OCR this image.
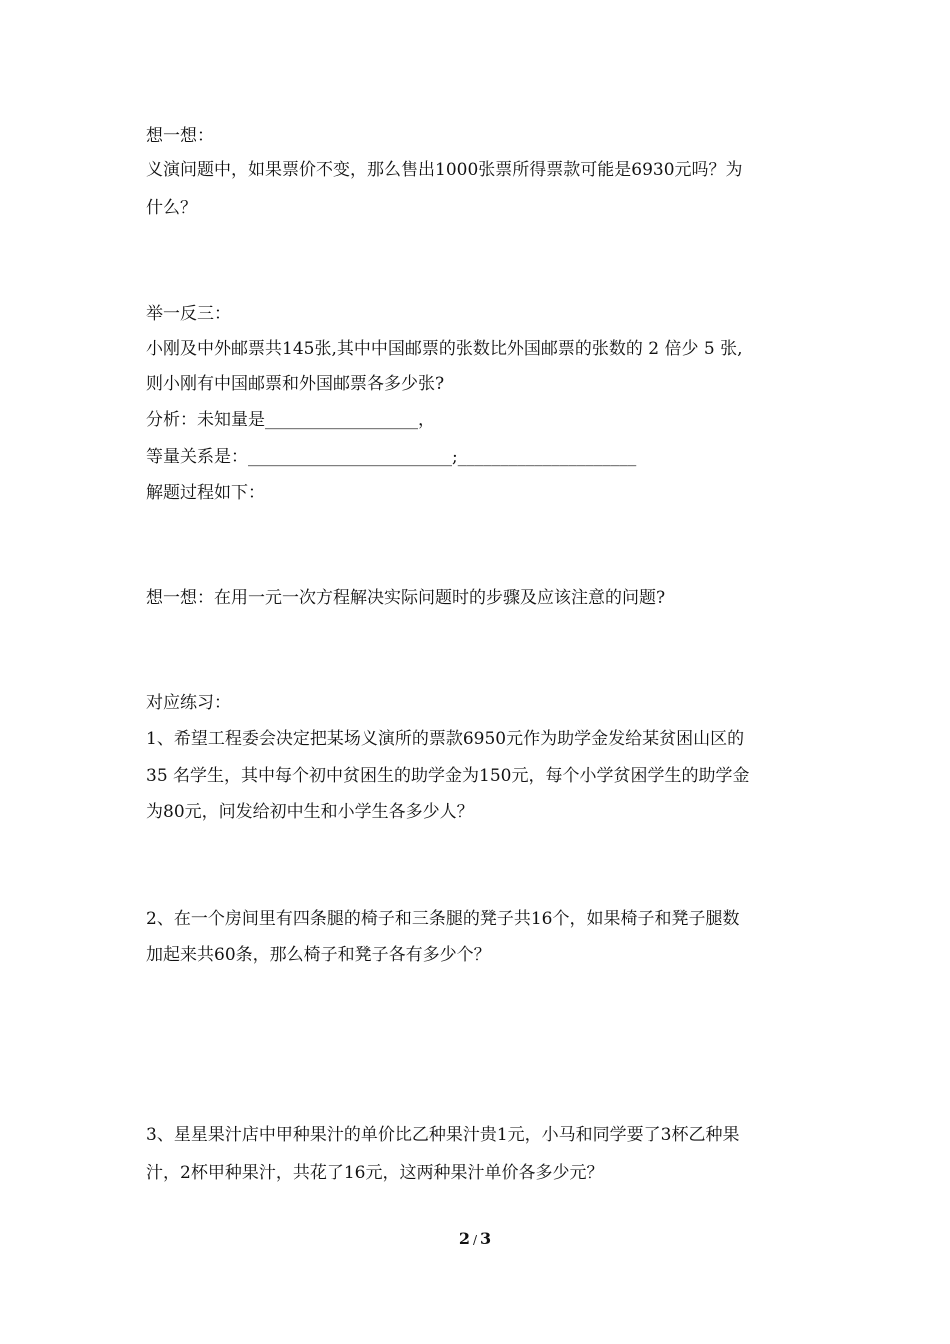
想一想：
义演问题中，如果票价不变，那么售出1000张票所得票款可能是6930元吗？为
什么？
举一反三：
小刚及中外邮票共145张,其中中国邮票的张数比外国邮票的张数的 2 倍少 5 张,
则小刚有中国邮票和外国邮票各多少张?
分析：未知量是__________________，
等量关系是：________________________;_____________________
解题过程如下：
想一想：在用一元一次方程解决实际问题时的步骤及应该注意的问题?
对应练习：
1、希望工程委会决定把某场义演所的票款6950元作为助学金发给某贫困山区的
35 名学生，其中每个初中贫困生的助学金为150元，每个小学贫困学生的助学金
为80元，问发给初中生和小学生各多少人？
2、在一个房间里有四条腿的椅子和三条腿的凳子共16个，如果椅子和凳子腿数
加起来共60条，那么椅子和凳子各有多少个？
3、星星果汁店中甲种果汁的单价比乙种果汁贵1元，小马和同学要了3杯乙种果
汁，2杯甲种果汁，共花了16元，这两种果汁单价各多少元？
2 / 3
